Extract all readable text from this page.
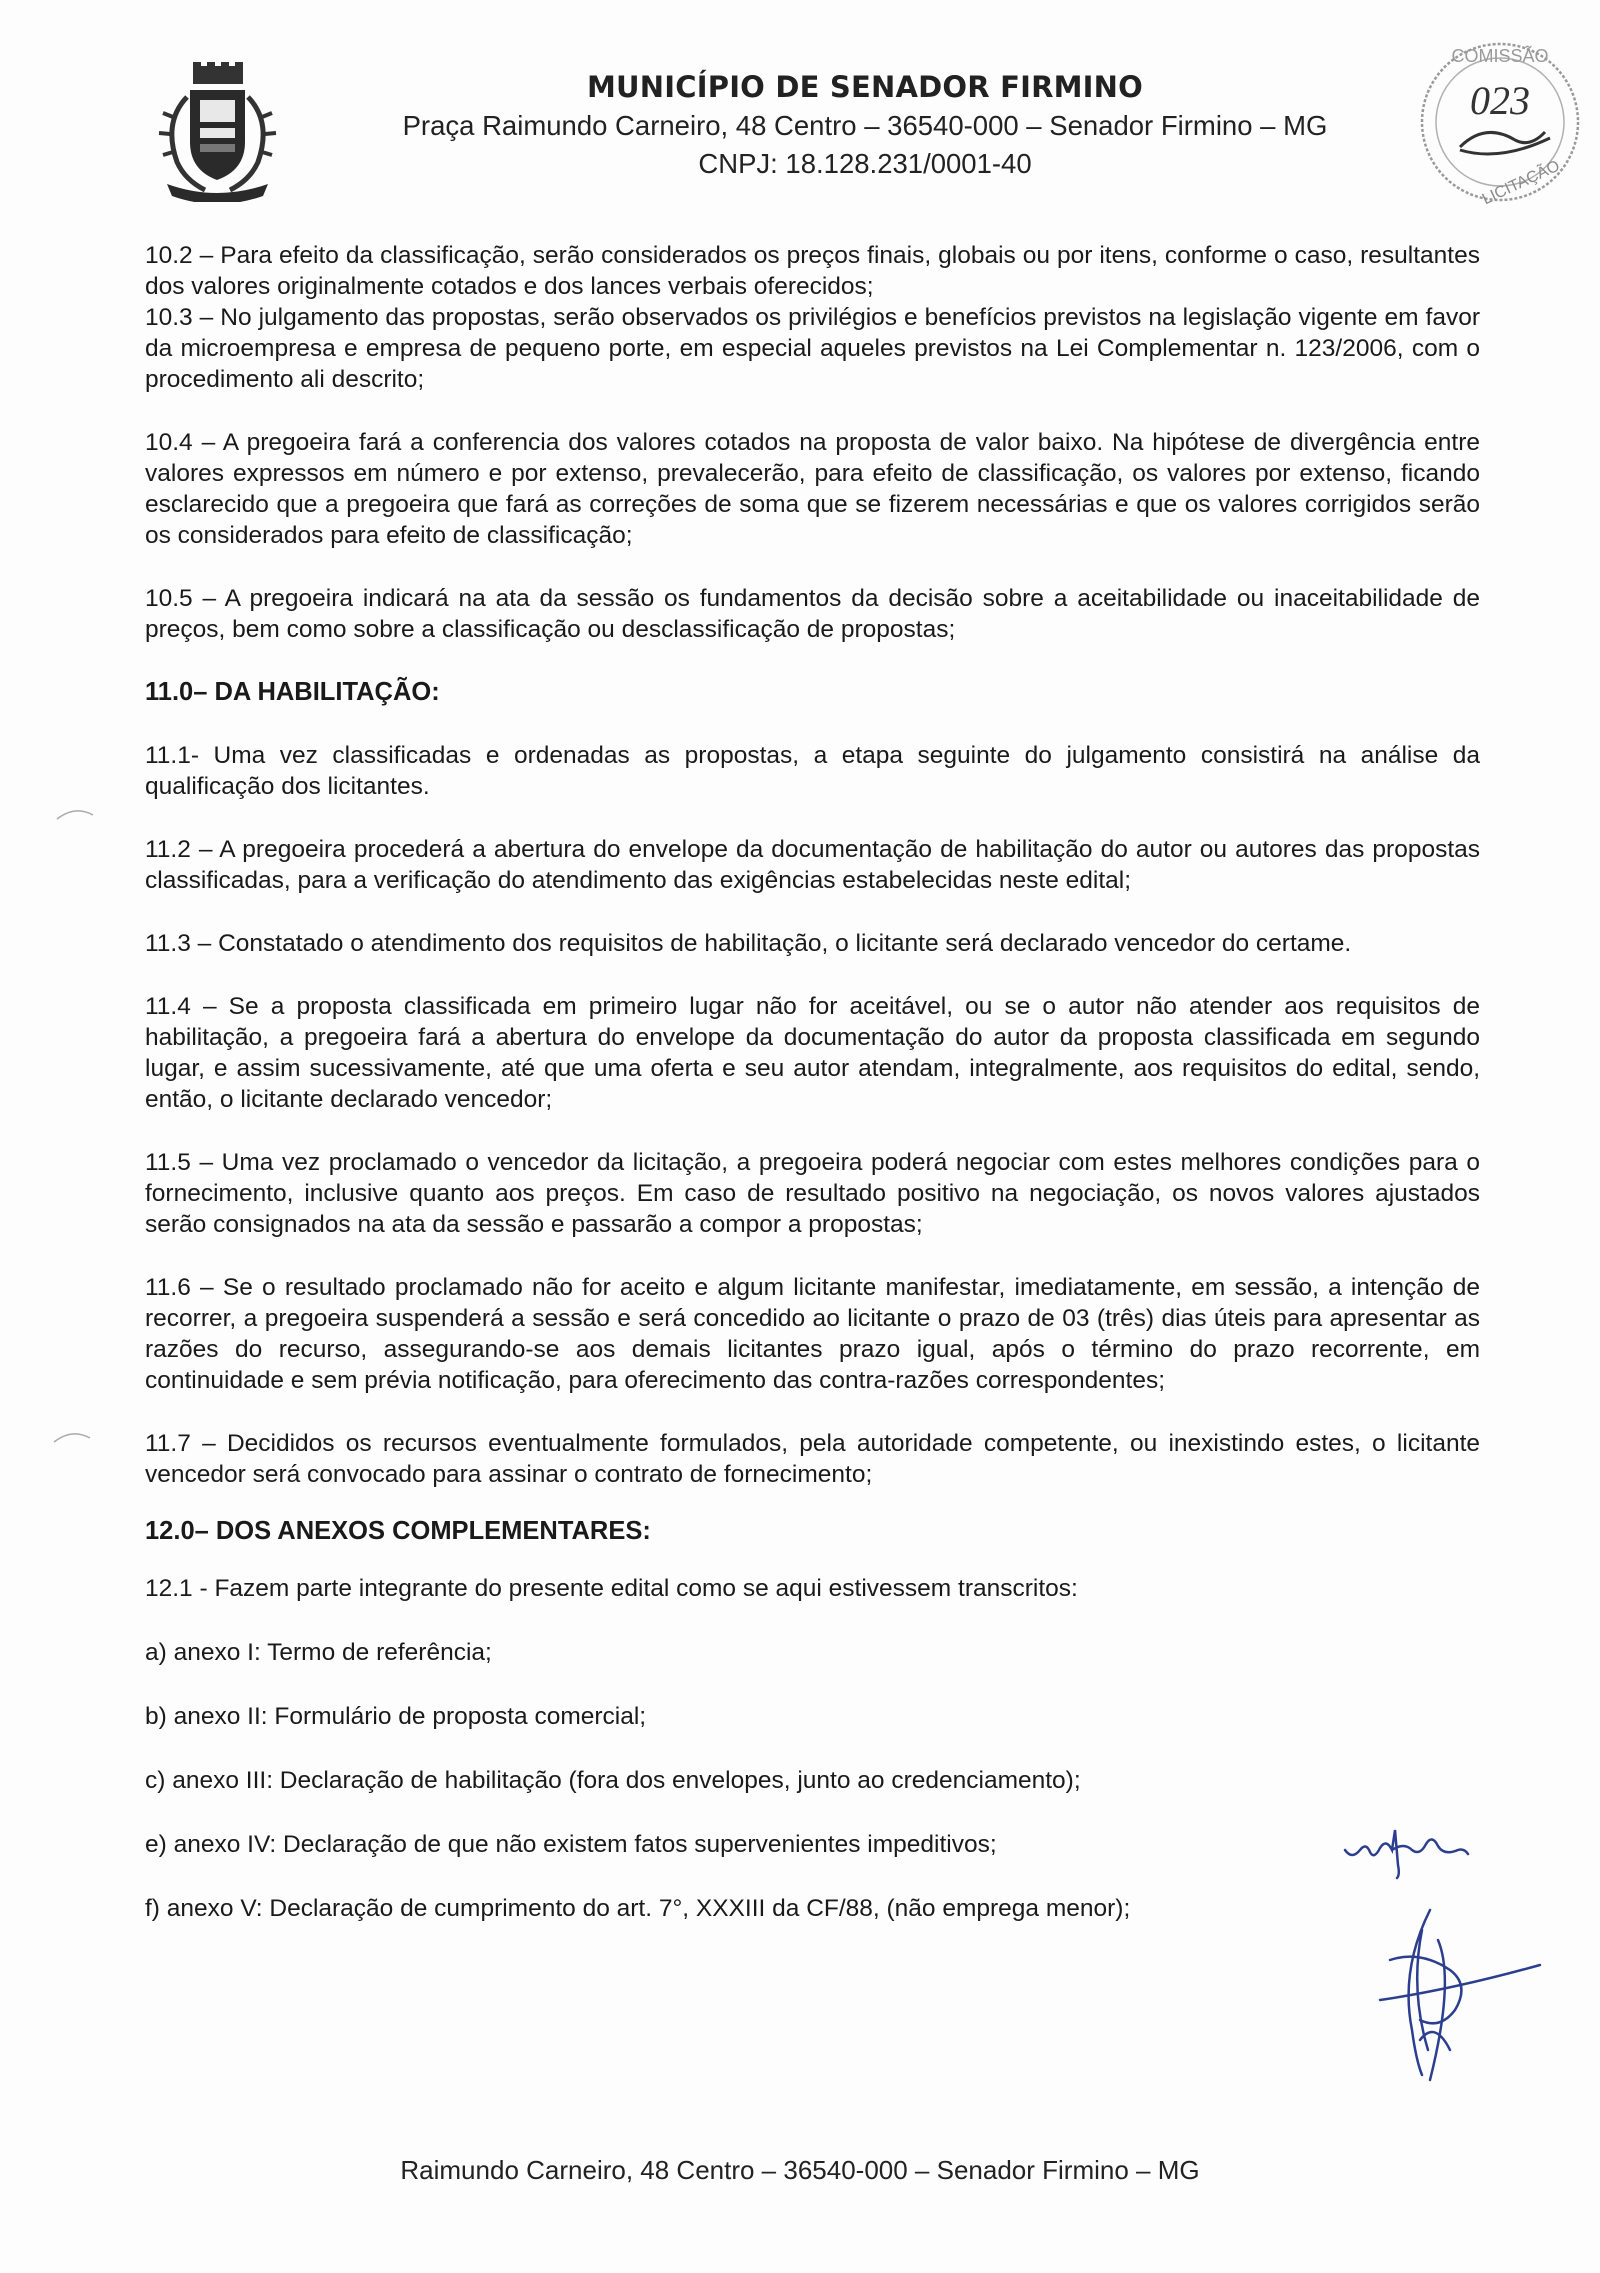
MUNICÍPIO DE SENADOR FIRMINO

Praça Raimundo Carneiro, 48 Centro – 36540-000 – Senador Firmino – MG

CNPJ: 18.128.231/0001-40

COMISSÃO
023
LICITAÇÃO

10.2 – Para efeito da classificação, serão considerados os preços finais, globais ou por itens, conforme o caso, resultantes dos valores originalmente cotados e dos lances verbais oferecidos;

10.3 – No julgamento das propostas, serão observados os privilégios e benefícios previstos na legislação vigente em favor da microempresa e empresa de pequeno porte, em especial aqueles previstos na Lei Complementar n. 123/2006, com o procedimento ali descrito;

10.4 – A pregoeira fará a conferencia dos valores cotados na proposta de valor baixo. Na hipótese de divergência entre valores expressos em número e por extenso, prevalecerão, para efeito de classificação, os valores por extenso, ficando esclarecido que a pregoeira que fará as correções de soma que se fizerem necessárias e que os valores corrigidos serão os considerados para efeito de classificação;

10.5 – A pregoeira indicará na ata da sessão os fundamentos da decisão sobre a aceitabilidade ou inaceitabilidade de preços, bem como sobre a classificação ou desclassificação de propostas;

11.0– DA HABILITAÇÃO:

11.1- Uma vez classificadas e ordenadas as propostas, a etapa seguinte do julgamento consistirá na análise da qualificação dos licitantes.

11.2 – A pregoeira procederá a abertura do envelope da documentação de habilitação do autor ou autores das propostas classificadas, para a verificação do atendimento das exigências estabelecidas neste edital;

11.3 – Constatado o atendimento dos requisitos de habilitação, o licitante será declarado vencedor do certame.

11.4 – Se a proposta classificada em primeiro lugar não for aceitável, ou se o autor não atender aos requisitos de habilitação, a pregoeira fará a abertura do envelope da documentação do autor da proposta classificada em segundo lugar, e assim sucessivamente, até que uma oferta e seu autor atendam, integralmente, aos requisitos do edital, sendo, então, o licitante declarado vencedor;

11.5 – Uma vez proclamado o vencedor da licitação, a pregoeira poderá negociar com estes melhores condições para o fornecimento, inclusive quanto aos preços. Em caso de resultado positivo na negociação, os novos valores ajustados serão consignados na ata da sessão e passarão a compor a propostas;

11.6 – Se o resultado proclamado não for aceito e algum licitante manifestar, imediatamente, em sessão, a intenção de recorrer, a pregoeira suspenderá a sessão e será concedido ao licitante o prazo de 03 (três) dias úteis para apresentar as razões do recurso, assegurando-se aos demais licitantes prazo igual, após o término do prazo recorrente, em continuidade e sem prévia notificação, para oferecimento das contra-razões correspondentes;

11.7 – Decididos os recursos eventualmente formulados, pela autoridade competente, ou inexistindo estes, o licitante vencedor será convocado para assinar o contrato de fornecimento;

12.0– DOS ANEXOS COMPLEMENTARES:

12.1 - Fazem parte integrante do presente edital como se aqui estivessem transcritos:

a) anexo I: Termo de referência;

b) anexo II: Formulário de proposta comercial;

c) anexo III: Declaração de habilitação (fora dos envelopes, junto ao credenciamento);

e) anexo IV: Declaração de que não existem fatos supervenientes impeditivos;

f) anexo V: Declaração de cumprimento do art. 7°, XXXIII da CF/88, (não emprega menor);

Raimundo Carneiro, 48 Centro – 36540-000 – Senador Firmino – MG
